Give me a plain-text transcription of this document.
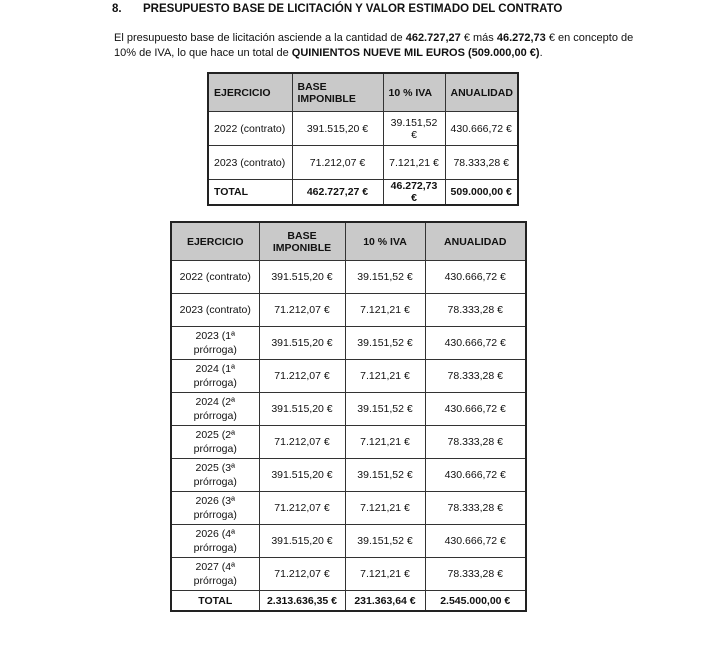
8. PRESUPUESTO BASE DE LICITACIÓN Y VALOR ESTIMADO DEL CONTRATO

El presupuesto base de licitación asciende a la cantidad de 462.727,27 € más 46.272,73 € en concepto de 10% de IVA, lo que hace un total de QUINIENTOS NUEVE MIL EUROS (509.000,00 €).

EJERCICIO	BASE IMPONIBLE	10 % IVA	ANUALIDAD
2022 (contrato)	391.515,20 €	39.151,52 €	430.666,72 €
2023 (contrato)	71.212,07 €	7.121,21 €	78.333,28 €
TOTAL	462.727,27 €	46.272,73 €	509.000,00 €
EJERCICIO	BASE IMPONIBLE	10 % IVA	ANUALIDAD
2022 (contrato)	391.515,20 €	39.151,52 €	430.666,72 €
2023 (contrato)	71.212,07 €	7.121,21 €	78.333,28 €
2023 (1ª prórroga)	391.515,20 €	39.151,52 €	430.666,72 €
2024 (1ª prórroga)	71.212,07 €	7.121,21 €	78.333,28 €
2024 (2ª prórroga)	391.515,20 €	39.151,52 €	430.666,72 €
2025 (2ª prórroga)	71.212,07 €	7.121,21 €	78.333,28 €
2025 (3ª prórroga)	391.515,20 €	39.151,52 €	430.666,72 €
2026 (3ª prórroga)	71.212,07 €	7.121,21 €	78.333,28 €
2026 (4ª prórroga)	391.515,20 €	39.151,52 €	430.666,72 €
2027 (4ª prórroga)	71.212,07 €	7.121,21 €	78.333,28 €
TOTAL	2.313.636,35 €	231.363,64 €	2.545.000,00 €
